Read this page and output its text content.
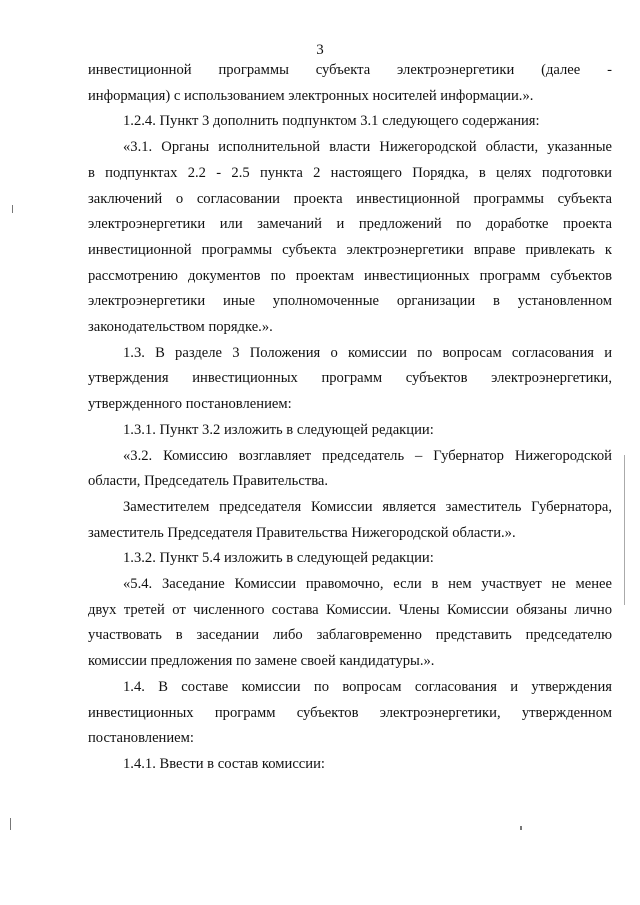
3

инвестиционной программы субъекта электроэнергетики (далее -
информация) с использованием электронных носителей информации.».

1.2.4. Пункт 3 дополнить подпунктом 3.1 следующего содержания:

«3.1. Органы исполнительной власти Нижегородской области, указанные
в подпунктах 2.2 - 2.5 пункта 2 настоящего Порядка, в целях подготовки
заключений о согласовании проекта инвестиционной программы субъекта
электроэнергетики или замечаний и предложений по доработке проекта
инвестиционной программы субъекта электроэнергетики вправе привлекать к
рассмотрению документов по проектам инвестиционных программ субъектов
электроэнергетики иные уполномоченные организации в установленном
законодательством порядке.».

1.3. В разделе 3 Положения о комиссии по вопросам согласования и
утверждения инвестиционных программ субъектов электроэнергетики,
утвержденного постановлением:

1.3.1. Пункт 3.2 изложить в следующей редакции:

«3.2. Комиссию возглавляет председатель – Губернатор Нижегородской
области, Председатель Правительства.

Заместителем председателя Комиссии является заместитель Губернатора,
заместитель Председателя Правительства Нижегородской области.».

1.3.2. Пункт 5.4 изложить в следующей редакции:

«5.4. Заседание Комиссии правомочно, если в нем участвует не менее
двух третей от численного состава Комиссии. Члены Комиссии обязаны лично
участвовать в заседании либо заблаговременно представить председателю
комиссии предложения по замене своей кандидатуры.».

1.4. В составе комиссии по вопросам согласования и утверждения
инвестиционных программ субъектов электроэнергетики, утвержденном
постановлением:

1.4.1. Ввести в состав комиссии:
